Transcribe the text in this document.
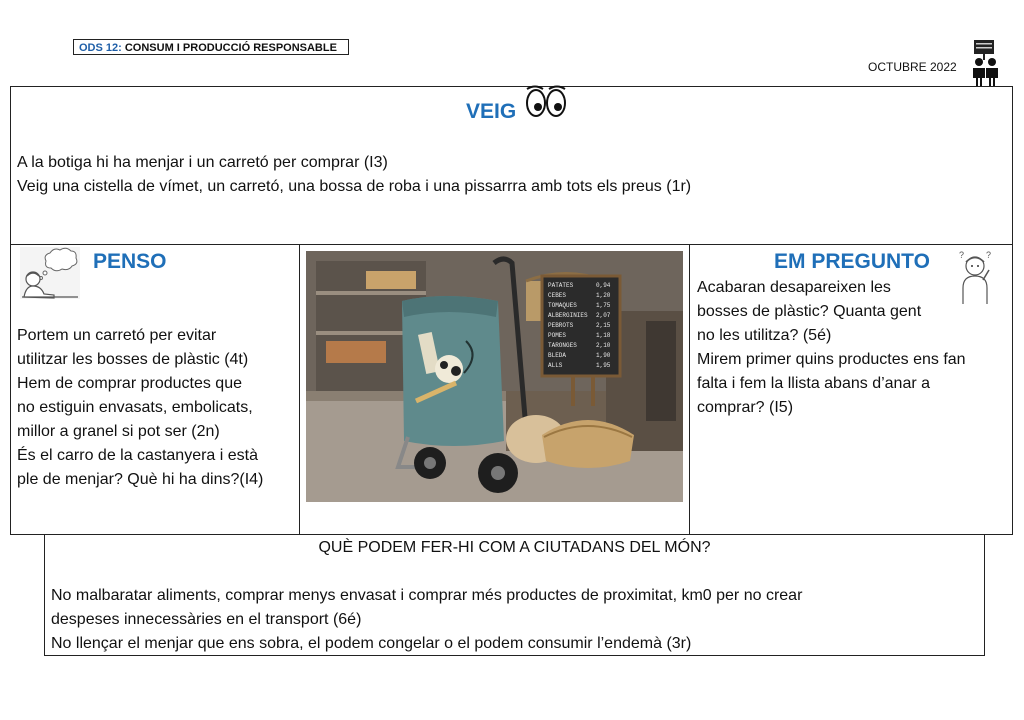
ODS 12: CONSUM I PRODUCCIÓ RESPONSABLE
OCTUBRE 2022
VEIG
A la botiga hi ha menjar i un carretó per comprar (I3)
Veig una cistella de vímet, un carretó, una bossa de roba i una pissarrra amb tots els preus (1r)
PENSO
Portem un carretó per evitar
utilitzar les bosses de plàstic (4t)
Hem de comprar productes que
no estiguin envasats, embolicats,
millor a granel si pot ser (2n)
És el carro de la castanyera i està
ple de menjar? Què hi ha dins?(I4)
PATATES
CEBES
TOMAQUES
ALBERGINIES
PEBROTS
POMES
TARONGES
BLEDA
ALLS
0,94
1,20
1,75
2,07
2,15
1,18
2,10
1,90
1,95
EM PREGUNTO	? ?
Acabaran desapareixen les
bosses de plàstic? Quanta gent
no les utilitza? (5é)
Mirem primer quins productes ens fan
falta i fem la llista abans d’anar a
comprar? (I5)
QUÈ PODEM FER-HI COM A CIUTADANS DEL MÓN?
No malbaratar aliments, comprar menys envasat i comprar més productes de proximitat, km0 per no crear
despeses innecessàries en el transport (6é)
No llençar el menjar que ens sobra, el podem congelar o el podem consumir l’endemà (3r)
